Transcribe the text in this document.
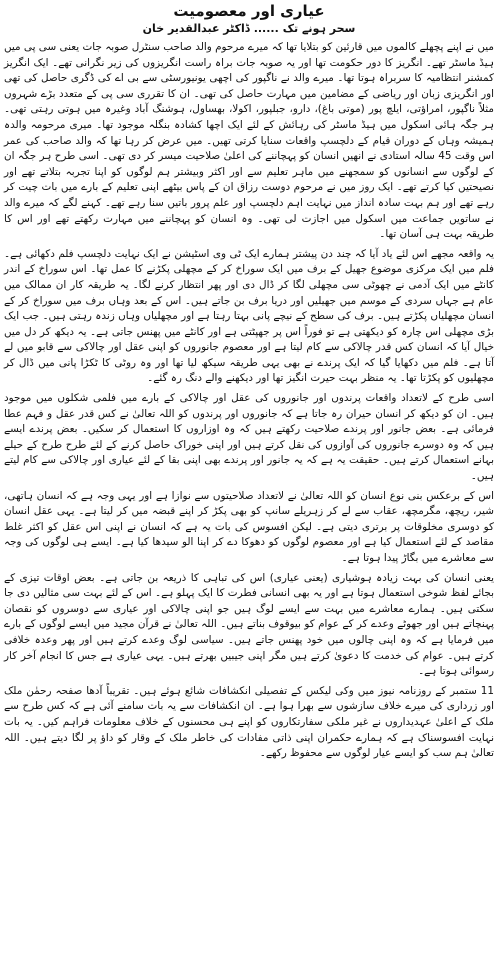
عیاری اور معصومیت
سحر ہونے تک......ڈاکٹر عبدالقدیر خان

میں نے اپنے پچھلے کالموں میں قارئین کو بتلایا تھا کہ میرے مرحوم والد صاحب سنٹرل صوبہ جات یعنی سی پی میں ہیڈ ماسٹر تھے۔ انگریز کا دور حکومت تھا اور یہ صوبہ جات براہ راست انگریزوں کی زیر نگرانی تھے۔ ایک انگریز کمشنر انتظامیہ کا سربراہ ہوتا تھا۔ میرے والد نے ناگپور کی اچھی یونیورسٹی سے بی اے کی ڈگری حاصل کی تھی اور انگریزی زبان اور ریاضی کے مضامین میں مہارت حاصل کی تھی۔ ان کا تقرری سی پی کے متعدد بڑے شہروں مثلاً ناگپور، امراؤتی، ایلچ پور (موتی باغ)، دارو، جبلپور، اکولا، بھساول، ہوشنگ آباد وغیرہ میں ہوتی رہتی تھی۔ ہر جگہ ہائی اسکول میں ہیڈ ماسٹر کی رہائش کے لئے ایک اچھا کشادہ بنگلہ موجود تھا۔ میری مرحومہ والدہ ہمیشہ وہاں کے دوران قیام کے دلچسپ واقعات سنایا کرتی تھیں۔ میں عرض کر رہا تھا کہ والد صاحب کی عمر اس وقت 45 سالہ استادی نے انھیں انسان کو پہچاننے کی اعلیٰ صلاحیت میسر کر دی تھی۔ اسی طرح ہر جگہ ان کے لوگوں سے انسانوں کو سمجھنے میں ماہر تعلیم سے اور اکثر وبیشتر ہم لوگوں کو اپنا تجربہ بتلاتے تھے اور نصیحتیں کیا کرتے تھے۔ ایک روز میں نے مرحوم دوست رزاق ان کے پاس بیٹھے اپنی تعلیم کے بارے میں بات چیت کر رہے تھے اور ہم بہت سادہ انداز میں نہایت اہم دلچسپ اور علم پرور باتیں سنا رہے تھے۔ کہنے لگے کہ میرے والد نے ساتویں جماعت میں اسکول میں اجازت لی تھی۔ وہ انسان کو پہچاننے میں مہارت رکھتے تھے اور اس کا طریقہ بہت ہی آسان تھا۔

یہ واقعہ مجھے اس لئے یاد آیا کہ چند دن پیشتر ہمارے ایک ٹی وی اسٹیشن نے ایک نہایت دلچسپ فلم دکھائی ہے۔ فلم میں ایک مرکزی موضوع جھیل کے برف میں ایک سوراخ کر کے مچھلی پکڑنے کا عمل تھا۔ اس سوراخ کے اندر کانٹے میں ایک آدمی نے چھوٹی سی مچھلی لگا کر ڈال دی اور پھر انتظار کرنے لگا۔ یہ طریقہ کار ان ممالک میں عام ہے جہاں سردی کے موسم میں جھیلیں اور دریا برف بن جاتے ہیں۔ اس کے بعد وہاں برف میں سوراخ کر کے انسان مچھلیاں پکڑتے ہیں۔ برف کی سطح کے نیچے پانی بہتا رہتا ہے اور مچھلیاں وہاں زندہ رہتی ہیں۔ جب ایک بڑی مچھلی اس چارہ کو دیکھتی ہے تو فوراً اس پر جھپٹتی ہے اور کانٹے میں پھنس جاتی ہے۔ یہ دیکھ کر دل میں خیال آیا کہ انسان کس قدر چالاکی سے کام لیتا ہے اور معصوم جانوروں کو اپنی عقل اور چالاکی سے قابو میں لے آتا ہے۔ فلم میں دکھایا گیا کہ ایک پرندے نے بھی یہی طریقہ سیکھ لیا تھا اور وہ روٹی کا ٹکڑا پانی میں ڈال کر مچھلیوں کو پکڑتا تھا۔ یہ منظر بہت حیرت انگیز تھا اور دیکھنے والے دنگ رہ گئے۔

اسی طرح کے لاتعداد واقعات پرندوں اور جانوروں کی عقل اور چالاکی کے بارے میں فلمی شکلوں میں موجود ہیں۔ ان کو دیکھ کر انسان حیران رہ جاتا ہے کہ جانوروں اور پرندوں کو اللہ تعالیٰ نے کس قدر عقل و فہم عطا فرمائی ہے۔ بعض جانور اور پرندے صلاحیت رکھتے ہیں کہ وہ اوزاروں کا استعمال کر سکیں۔ بعض پرندے ایسے ہیں کہ وہ دوسرے جانوروں کی آوازوں کی نقل کرتے ہیں اور اپنی خوراک حاصل کرنے کے لئے طرح طرح کے حیلے بہانے استعمال کرتے ہیں۔ حقیقت یہ ہے کہ یہ جانور اور پرندے بھی اپنی بقا کے لئے عیاری اور چالاکی سے کام لیتے ہیں۔

اس کے برعکس بنی نوع انسان کو اللہ تعالیٰ نے لاتعداد صلاحیتوں سے نوازا ہے اور یہی وجہ ہے کہ انسان ہاتھی، شیر، ریچھ، مگرمچھ، عقاب سے لے کر زہریلے سانپ کو بھی پکڑ کر اپنے قبضہ میں کر لیتا ہے۔ یہی عقل انسان کو دوسری مخلوقات پر برتری دیتی ہے۔ لیکن افسوس کی بات یہ ہے کہ انسان نے اپنی اس عقل کو اکثر غلط مقاصد کے لئے استعمال کیا ہے اور معصوم لوگوں کو دھوکا دے کر اپنا الو سیدھا کیا ہے۔ ایسے ہی لوگوں کی وجہ سے معاشرے میں بگاڑ پیدا ہوتا ہے۔

یعنی انسان کی بہت زیادہ ہوشیاری (یعنی عیاری) اس کی تباہی کا ذریعہ بن جاتی ہے۔ بعض اوقات تیزی کے بجائے لفظ شوخی استعمال ہوتا ہے اور یہ بھی انسانی فطرت کا ایک پہلو ہے۔ اس کے لئے بہت سی مثالیں دی جا سکتی ہیں۔ ہمارے معاشرے میں بہت سے ایسے لوگ ہیں جو اپنی چالاکی اور عیاری سے دوسروں کو نقصان پہنچاتے ہیں اور جھوٹے وعدے کر کے عوام کو بیوقوف بناتے ہیں۔ اللہ تعالیٰ نے قرآن مجید میں ایسے لوگوں کے بارے میں فرمایا ہے کہ وہ اپنی چالوں میں خود پھنس جاتے ہیں۔ سیاسی لوگ وعدے کرتے ہیں اور پھر وعدہ خلافی کرتے ہیں۔ عوام کی خدمت کا دعویٰ کرتے ہیں مگر اپنی جیبیں بھرتے ہیں۔ یہی عیاری ہے جس کا انجام آخر کار رسوائی ہوتا ہے۔

11 ستمبر کے روزنامہ نیوز میں وکی لیکس کے تفصیلی انکشافات شائع ہوئے ہیں۔ تقریباً آدھا صفحہ رحمٰن ملک اور زرداری کی میرے خلاف سازشوں سے بھرا ہوا ہے۔ ان انکشافات سے یہ بات سامنے آئی ہے کہ کس طرح سے ملک کے اعلیٰ عہدیداروں نے غیر ملکی سفارتکاروں کو اپنے ہی محسنوں کے خلاف معلومات فراہم کیں۔ یہ بات نہایت افسوسناک ہے کہ ہمارے حکمران اپنی ذاتی مفادات کی خاطر ملک کے وقار کو داؤ پر لگا دیتے ہیں۔ اللہ تعالیٰ ہم سب کو ایسے عیار لوگوں سے محفوظ رکھے۔
